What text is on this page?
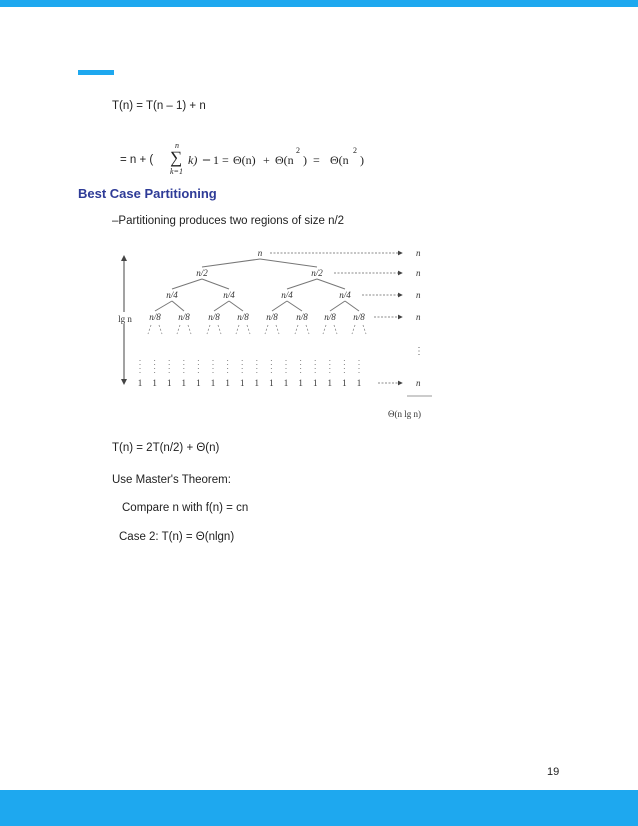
T(n) = T(n – 1) + n
= n + (
n
∑
k=1
k) – 1 = Θ(n) + Θ(n
2
) = Θ(n
2
)
Best Case Partitioning
–Partitioning produces two regions of size n/2
n
n/2	n/2
n/4	n/4	n/4	n/4
n/8 n/8 n/8 n/8 n/8 n/8 n/8 n/8
1 1 1 1 1 1 1 1 1 1 1 1 1 1 1 1
lg n
n
n
n
n
n
⋮
Θ(n lg n)
T(n) = 2T(n/2) + Θ(n)
Use Master's Theorem:
Compare n with f(n) = cn
Case 2: T(n) = Θ(nlgn)
19
